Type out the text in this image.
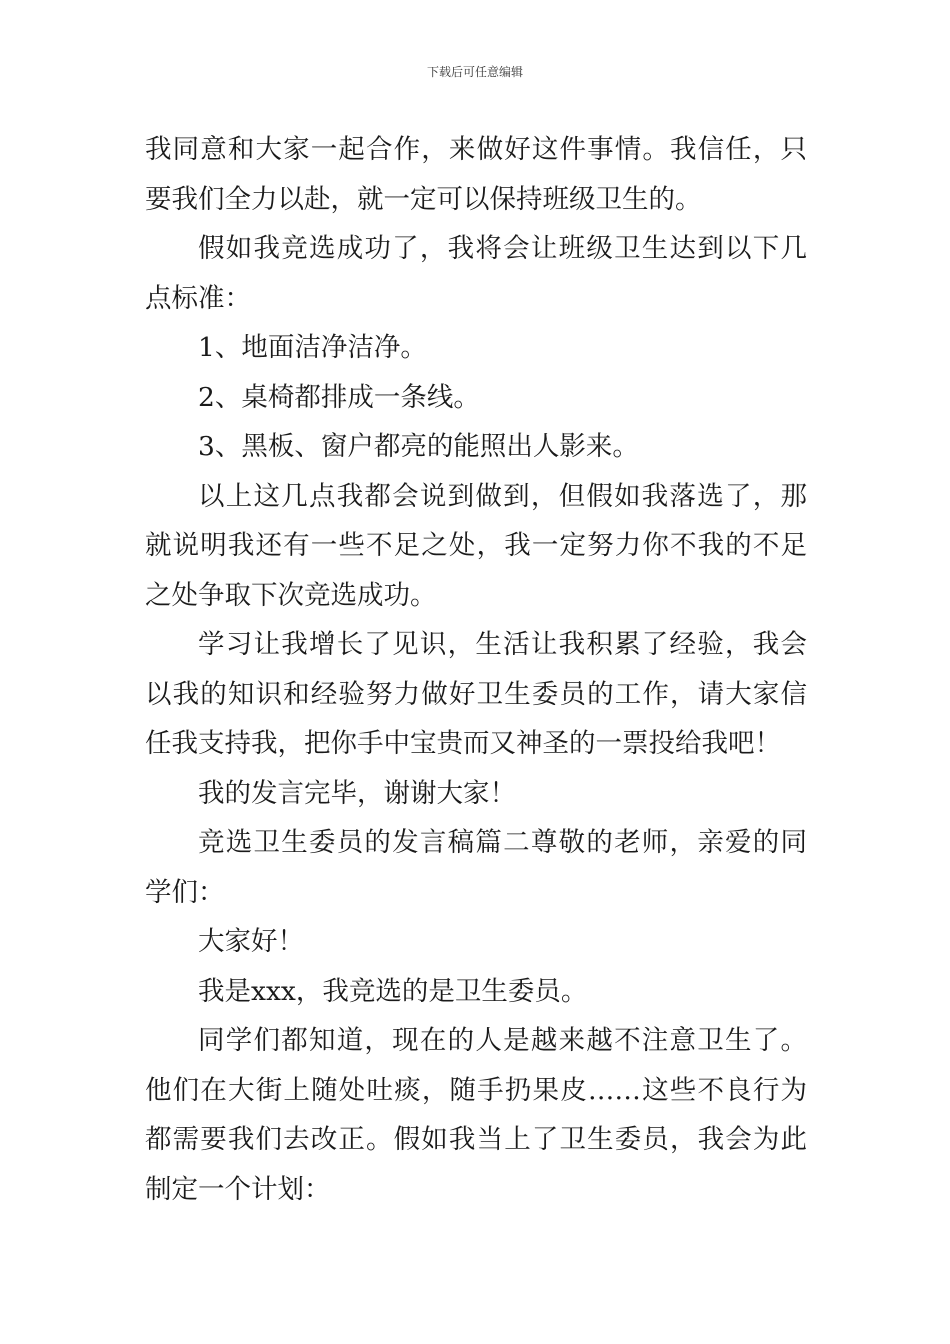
下载后可任意编辑

我同意和大家一起合作，来做好这件事情。我信任，只要我们全力以赴，就一定可以保持班级卫生的。

假如我竞选成功了，我将会让班级卫生达到以下几点标准：

1、地面洁净洁净。

2、桌椅都排成一条线。

3、黑板、窗户都亮的能照出人影来。

以上这几点我都会说到做到，但假如我落选了，那就说明我还有一些不足之处，我一定努力你不我的不足之处争取下次竞选成功。

学习让我增长了见识，生活让我积累了经验，我会以我的知识和经验努力做好卫生委员的工作，请大家信任我支持我，把你手中宝贵而又神圣的一票投给我吧！

我的发言完毕，谢谢大家！

竞选卫生委员的发言稿篇二尊敬的老师，亲爱的同学们：

大家好！

我是xxx，我竞选的是卫生委员。

同学们都知道，现在的人是越来越不注意卫生了。他们在大街上随处吐痰，随手扔果皮……这些不良行为都需要我们去改正。假如我当上了卫生委员，我会为此制定一个计划：
